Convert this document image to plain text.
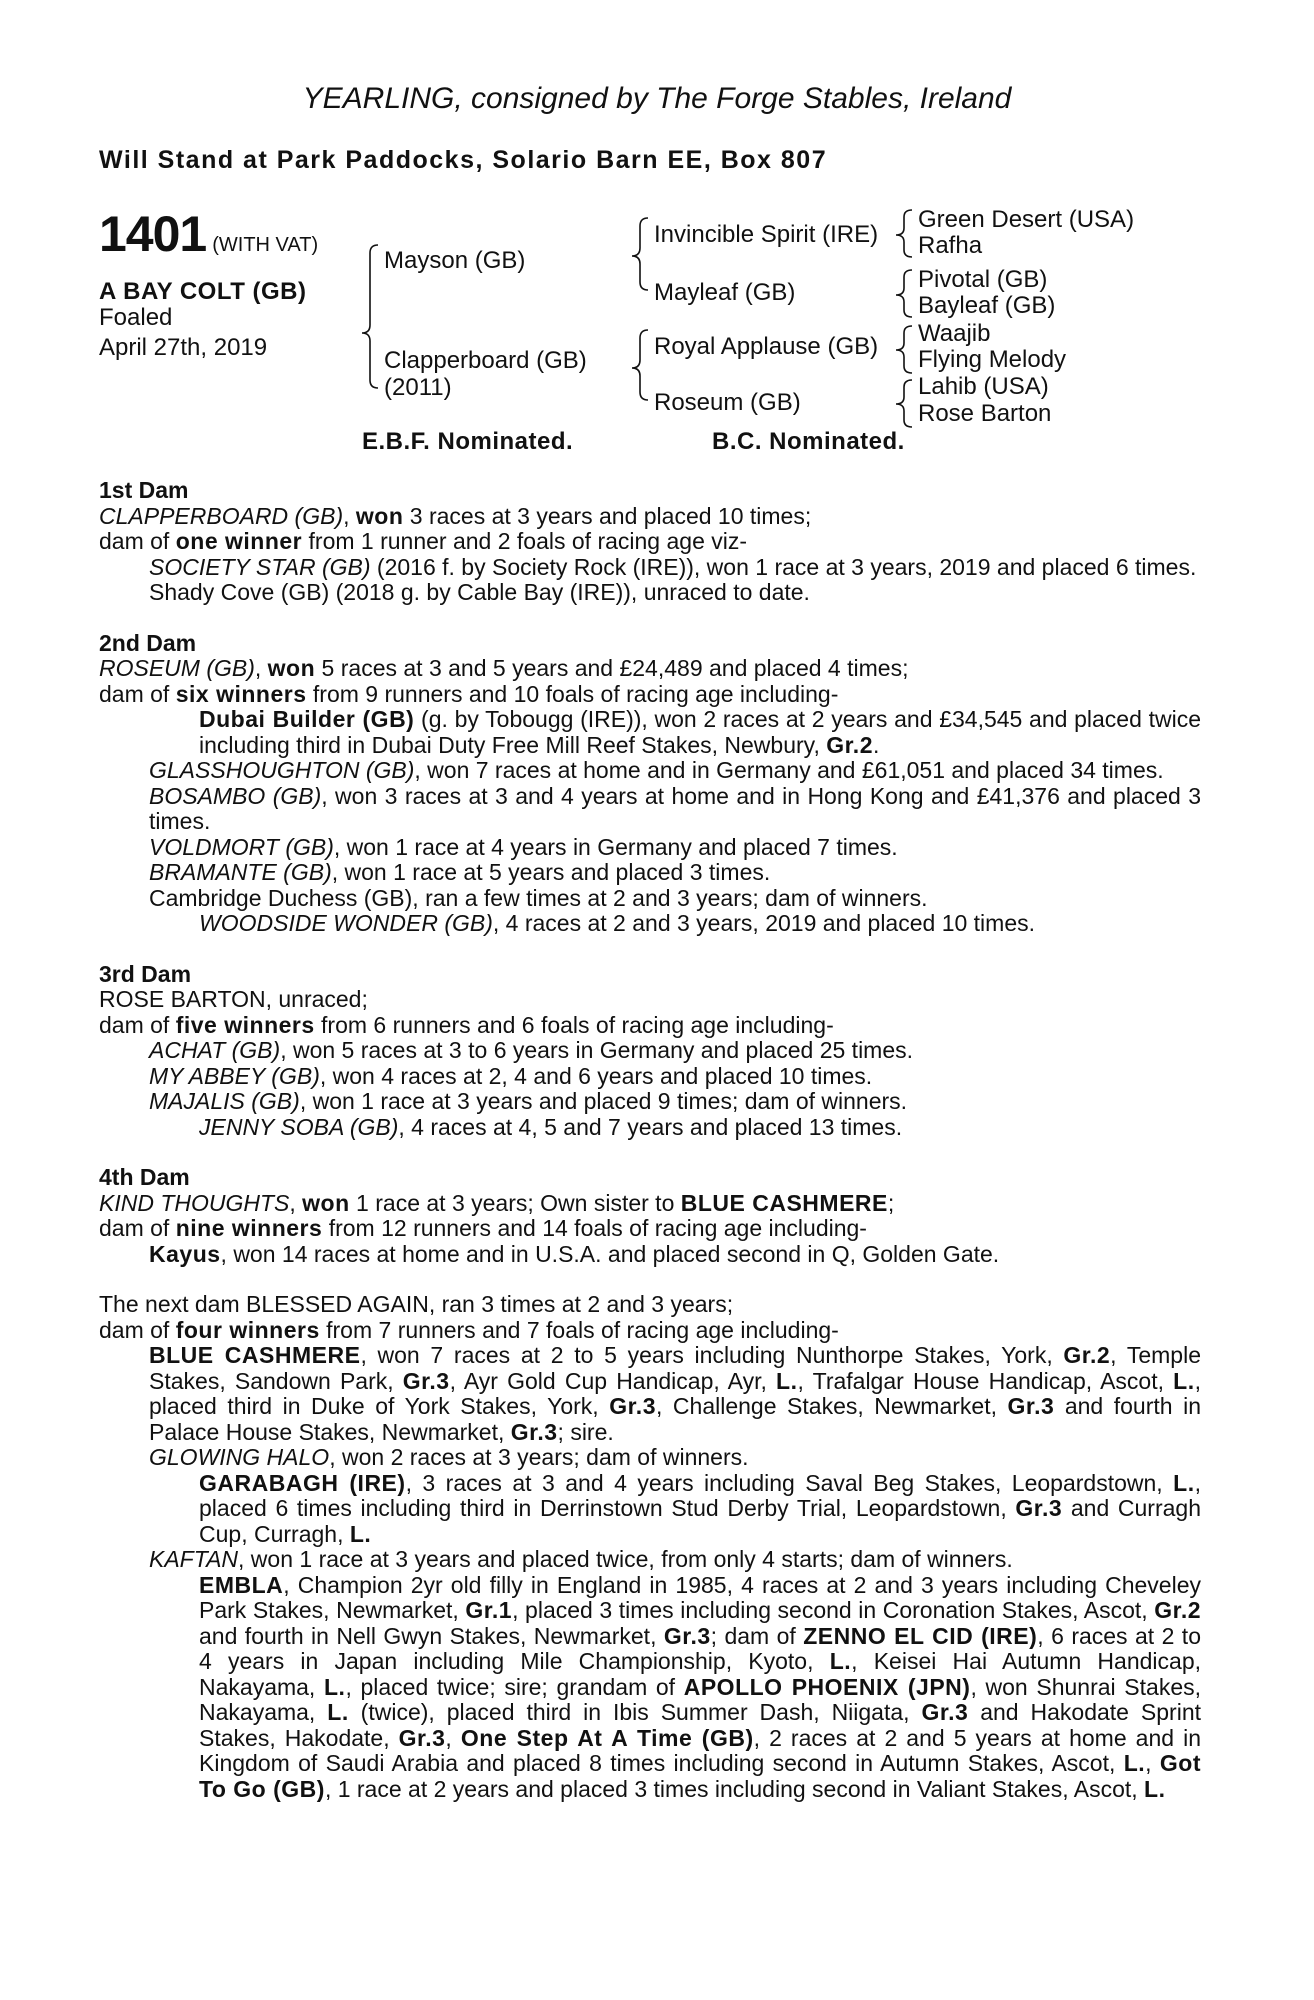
YEARLING, consigned by The Forge Stables, Ireland
Will Stand at Park Paddocks, Solario Barn EE, Box 807
1401 (WITH VAT)
A BAY COLT (GB)
Foaled
April 27th, 2019
Mayson (GB)
Clapperboard (GB)
(2011)
Invincible Spirit (IRE)
Mayleaf (GB)
Royal Applause (GB)
Roseum (GB)
Green Desert (USA)
Rafha
Pivotal (GB)
Bayleaf (GB)
Waajib
Flying Melody
Lahib (USA)
Rose Barton
E.B.F. Nominated.	B.C. Nominated.
1st Dam
CLAPPERBOARD (GB), won 3 races at 3 years and placed 10 times;
dam of one winner from 1 runner and 2 foals of racing age viz-
SOCIETY STAR (GB) (2016 f. by Society Rock (IRE)), won 1 race at 3 years, 2019 and placed 6 times.
Shady Cove (GB) (2018 g. by Cable Bay (IRE)), unraced to date.
2nd Dam
ROSEUM (GB), won 5 races at 3 and 5 years and £24,489 and placed 4 times;
dam of six winners from 9 runners and 10 foals of racing age including-
Dubai Builder (GB) (g. by Tobougg (IRE)), won 2 races at 2 years and £34,545 and placed twice including third in Dubai Duty Free Mill Reef Stakes, Newbury, Gr.2.
GLASSHOUGHTON (GB), won 7 races at home and in Germany and £61,051 and placed 34 times.
BOSAMBO (GB), won 3 races at 3 and 4 years at home and in Hong Kong and £41,376 and placed 3 times.
VOLDMORT (GB), won 1 race at 4 years in Germany and placed 7 times.
BRAMANTE (GB), won 1 race at 5 years and placed 3 times.
Cambridge Duchess (GB), ran a few times at 2 and 3 years; dam of winners.
WOODSIDE WONDER (GB), 4 races at 2 and 3 years, 2019 and placed 10 times.
3rd Dam
ROSE BARTON, unraced;
dam of five winners from 6 runners and 6 foals of racing age including-
ACHAT (GB), won 5 races at 3 to 6 years in Germany and placed 25 times.
MY ABBEY (GB), won 4 races at 2, 4 and 6 years and placed 10 times.
MAJALIS (GB), won 1 race at 3 years and placed 9 times; dam of winners.
JENNY SOBA (GB), 4 races at 4, 5 and 7 years and placed 13 times.
4th Dam
KIND THOUGHTS, won 1 race at 3 years; Own sister to BLUE CASHMERE;
dam of nine winners from 12 runners and 14 foals of racing age including-
Kayus, won 14 races at home and in U.S.A. and placed second in Q, Golden Gate.
The next dam BLESSED AGAIN, ran 3 times at 2 and 3 years;
dam of four winners from 7 runners and 7 foals of racing age including-
BLUE CASHMERE, won 7 races at 2 to 5 years including Nunthorpe Stakes, York, Gr.2, Temple Stakes, Sandown Park, Gr.3, Ayr Gold Cup Handicap, Ayr, L., Trafalgar House Handicap, Ascot, L., placed third in Duke of York Stakes, York, Gr.3, Challenge Stakes, Newmarket, Gr.3 and fourth in Palace House Stakes, Newmarket, Gr.3; sire.
GLOWING HALO, won 2 races at 3 years; dam of winners.
GARABAGH (IRE), 3 races at 3 and 4 years including Saval Beg Stakes, Leopardstown, L., placed 6 times including third in Derrinstown Stud Derby Trial, Leopardstown, Gr.3 and Curragh Cup, Curragh, L.
KAFTAN, won 1 race at 3 years and placed twice, from only 4 starts; dam of winners.
EMBLA, Champion 2yr old filly in England in 1985, 4 races at 2 and 3 years including Cheveley Park Stakes, Newmarket, Gr.1, placed 3 times including second in Coronation Stakes, Ascot, Gr.2 and fourth in Nell Gwyn Stakes, Newmarket, Gr.3; dam of ZENNO EL CID (IRE), 6 races at 2 to 4 years in Japan including Mile Championship, Kyoto, L., Keisei Hai Autumn Handicap, Nakayama, L., placed twice; sire; grandam of APOLLO PHOENIX (JPN), won Shunrai Stakes, Nakayama, L. (twice), placed third in Ibis Summer Dash, Niigata, Gr.3 and Hakodate Sprint Stakes, Hakodate, Gr.3, One Step At A Time (GB), 2 races at 2 and 5 years at home and in Kingdom of Saudi Arabia and placed 8 times including second in Autumn Stakes, Ascot, L., Got To Go (GB), 1 race at 2 years and placed 3 times including second in Valiant Stakes, Ascot, L.
